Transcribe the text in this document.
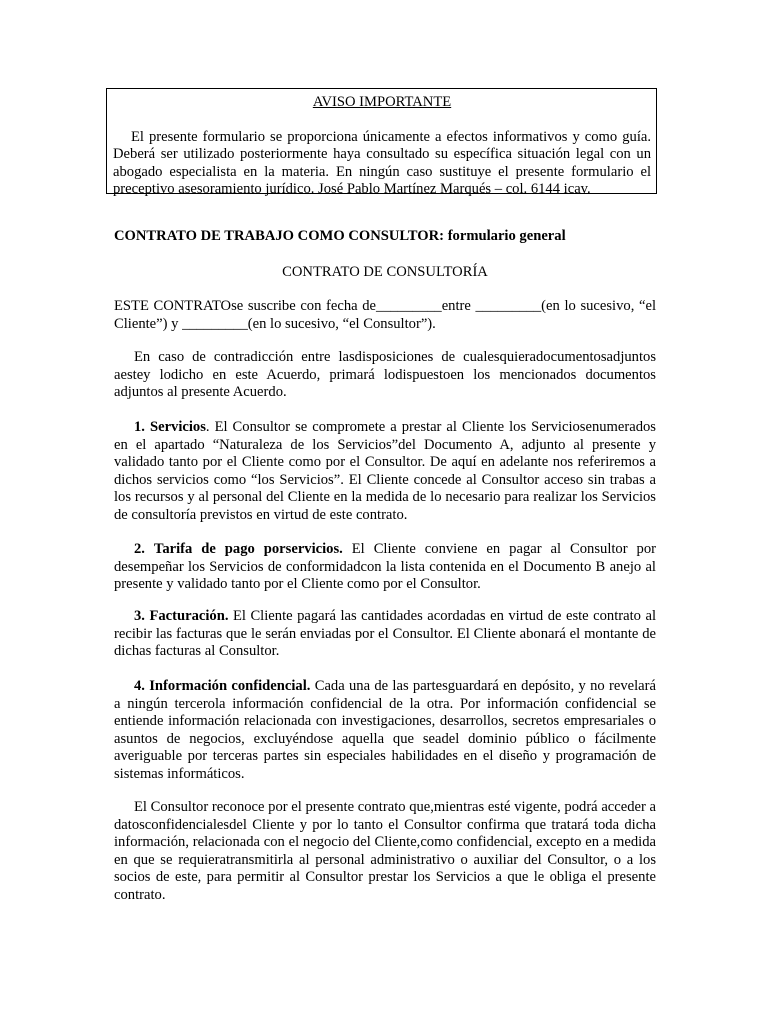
AVISO IMPORTANTE

El presente formulario se proporciona únicamente a efectos informativos y como guía. Deberá ser utilizado posteriormente haya consultado su específica situación legal con un abogado especialista en la materia. En ningún caso sustituye el presente formulario el preceptivo asesoramiento jurídico. José Pablo Martínez Marqués – col. 6144 icav.

CONTRATO DE TRABAJO COMO CONSULTOR: formulario general

CONTRATO DE CONSULTORÍA

ESTE CONTRATOse suscribe con fecha de_________entre _________(en lo sucesivo, “el Cliente”) y _________(en lo sucesivo, “el Consultor”).

En caso de contradicción entre lasdisposiciones de cualesquieradocumentosadjuntos aestey lodicho en este Acuerdo, primará lodispuestoen los mencionados documentos adjuntos al presente Acuerdo.

1. Servicios. El Consultor se compromete a prestar al Cliente los Serviciosenumerados en el apartado “Naturaleza de los Servicios”del Documento A, adjunto al presente y validado tanto por el Cliente como por el Consultor. De aquí en adelante nos referiremos a dichos servicios como “los Servicios”. El Cliente concede al Consultor acceso sin trabas a los recursos y al personal del Cliente en la medida de lo necesario para realizar los Servicios de consultoría previstos en virtud de este contrato.

2. Tarifa de pago porservicios. El Cliente conviene en pagar al Consultor por desempeñar los Servicios de conformidadcon la lista contenida en el Documento B anejo al presente y validado tanto por el Cliente como por el Consultor.

3. Facturación. El Cliente pagará las cantidades acordadas en virtud de este contrato al recibir las facturas que le serán enviadas por el Consultor. El Cliente abonará el montante de dichas facturas al Consultor.

4. Información confidencial. Cada una de las partesguardará en depósito, y no revelará a ningún tercerola información confidencial de la otra. Por información confidencial se entiende información relacionada con investigaciones, desarrollos, secretos empresariales o asuntos de negocios, excluyéndose aquella que seadel dominio público o fácilmente averiguable por terceras partes sin especiales habilidades en el diseño y programación de sistemas informáticos.

El Consultor reconoce por el presente contrato que,mientras esté vigente, podrá acceder a datosconfidencialesdel Cliente y por lo tanto el Consultor confirma que tratará toda dicha información, relacionada con el negocio del Cliente,como confidencial, excepto en a medida en que se requieratransmitirla al personal administrativo o auxiliar del Consultor, o a los socios de este, para permitir al Consultor prestar los Servicios a que le obliga el presente contrato.
